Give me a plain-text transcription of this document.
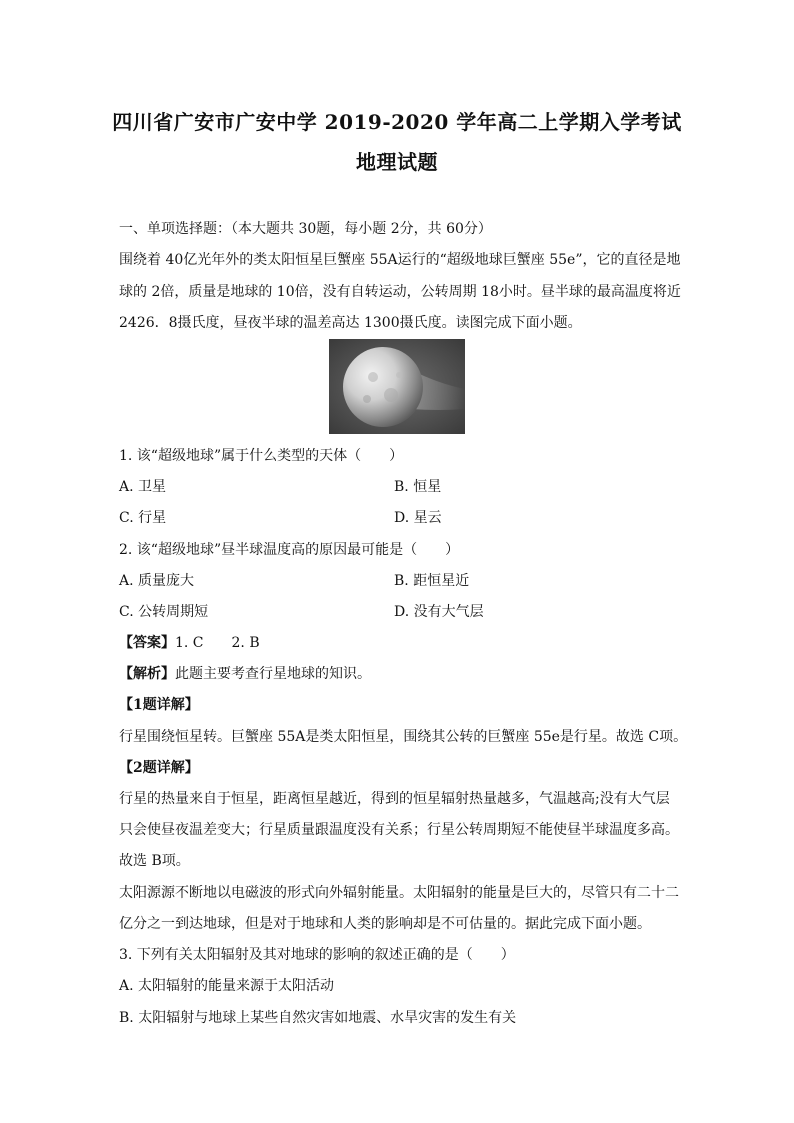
四川省广安市广安中学 2019-2020 学年高二上学期入学考试
地理试题
一、单项选择题：（本大题共 30题，每小题 2分，共 60分）
围绕着 40亿光年外的类太阳恒星巨蟹座 55A运行的“超级地球巨蟹座 55e”，它的直径是地
球的 2倍，质量是地球的 10倍，没有自转运动，公转周期 18小时。昼半球的最高温度将近
2426．8摄氏度，昼夜半球的温差高达 1300摄氏度。读图完成下面小题。
1. 该“超级地球”属于什么类型的天体（　　）
A. 卫星	B. 恒星
C. 行星	D. 星云
2. 该“超级地球”昼半球温度高的原因最可能是（　　）
A. 质量庞大	B. 距恒星近
C. 公转周期短	D. 没有大气层
【答案】1. C　　2. B
【解析】此题主要考查行星地球的知识。
【1题详解】
行星围绕恒星转。巨蟹座 55A是类太阳恒星，围绕其公转的巨蟹座 55e是行星。故选 C项。
【2题详解】
行星的热量来自于恒星，距离恒星越近，得到的恒星辐射热量越多，气温越高;没有大气层
只会使昼夜温差变大；行星质量跟温度没有关系；行星公转周期短不能使昼半球温度多高。
故选 B项。
太阳源源不断地以电磁波的形式向外辐射能量。太阳辐射的能量是巨大的，尽管只有二十二
亿分之一到达地球，但是对于地球和人类的影响却是不可估量的。据此完成下面小题。
3. 下列有关太阳辐射及其对地球的影响的叙述正确的是（　　）
A. 太阳辐射的能量来源于太阳活动
B. 太阳辐射与地球上某些自然灾害如地震、水旱灾害的发生有关
